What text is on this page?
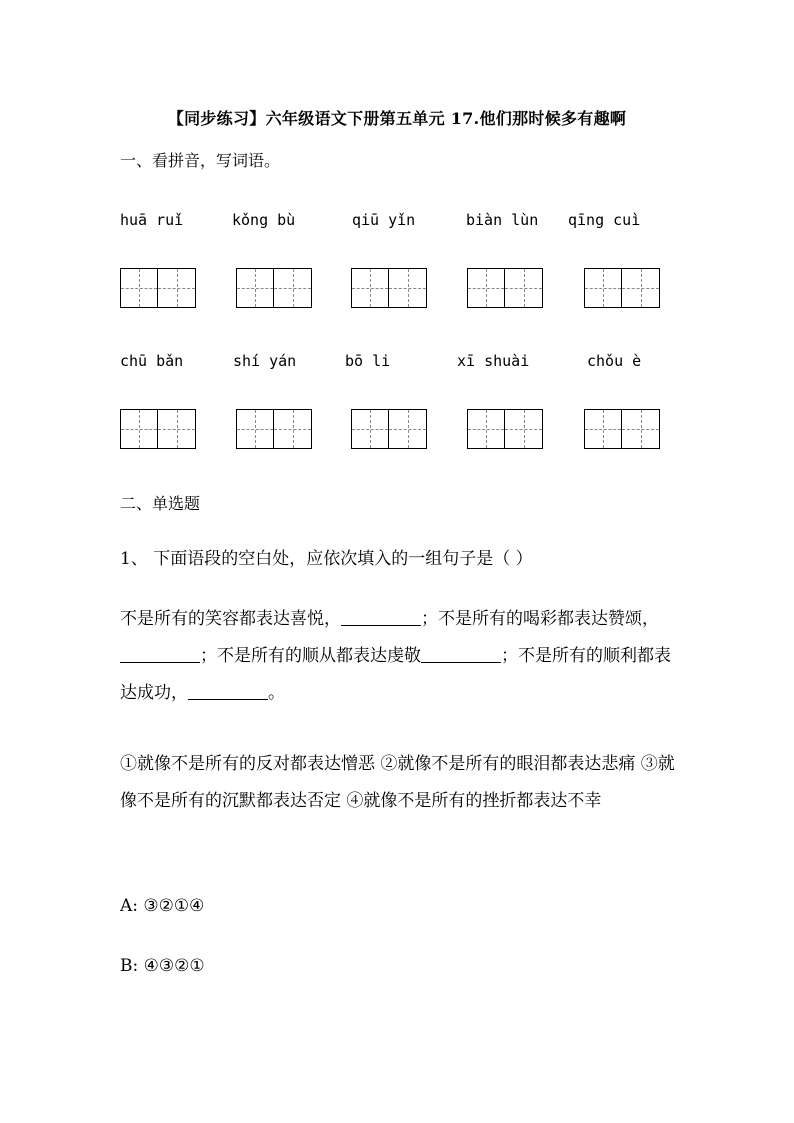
【同步练习】六年级语文下册第五单元 17.他们那时候多有趣啊
一、看拼音，写词语。
huā ruǐ	kǒng bù	qiū yǐn	biàn lùn qīng cuì
chū bǎn	shí yán	bō li	xī shuài	chǒu è
二、单选题
1、 下面语段的空白处，应依次填入的一组句子是（ ）
不是所有的笑容都表达喜悦，	；不是所有的喝彩都表达赞颂，；不是所有的顺从都表达虔敬	；不是所有的顺利都表达成功，	。
①就像不是所有的反对都表达憎恶 ②就像不是所有的眼泪都表达悲痛 ③就像不是所有的沉默都表达否定 ④就像不是所有的挫折都表达不幸
A: ③②①④
B: ④③②①
